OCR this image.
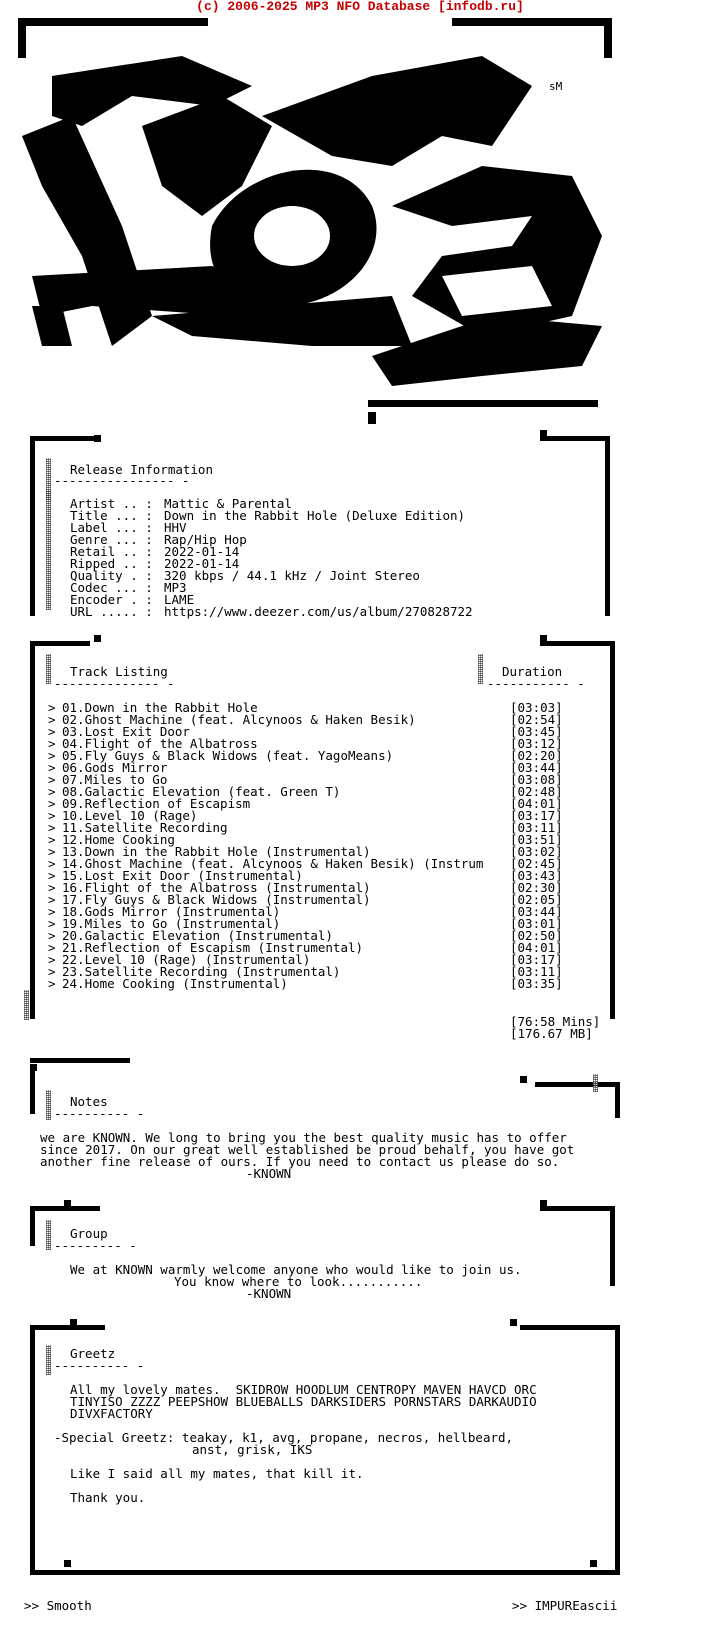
(c) 2006-2025 MP3 NFO Database [infodb.ru]
sM
Release Information
---------------- -
Artist .. : Mattic & Parental
Title ... : Down in the Rabbit Hole (Deluxe Edition)
Label ... : HHV
Genre ... : Rap/Hip Hop
Retail .. : 2022-01-14
Ripped .. : 2022-01-14
Quality . : 320 kbps / 44.1 kHz / Joint Stereo
Codec ... : MP3
Encoder . : LAME
URL ..... : https://www.deezer.com/us/album/270828722
Track Listing
-------------- -
Duration
----------- -
> 01.Down in the Rabbit Hole	[03:03]
> 02.Ghost Machine (feat. Alcynoos & Haken Besik)	[02:54]
> 03.Lost Exit Door	[03:45]
> 04.Flight of the Albatross	[03:12]
> 05.Fly Guys & Black Widows (feat. YagoMeans)	[02:20]
> 06.Gods Mirror	[03:44]
> 07.Miles to Go	[03:08]
> 08.Galactic Elevation (feat. Green T)	[02:48]
> 09.Reflection of Escapism	[04:01]
> 10.Level 10 (Rage)	[03:17]
> 11.Satellite Recording	[03:11]
> 12.Home Cooking	[03:51]
> 13.Down in the Rabbit Hole (Instrumental)	[03:02]
> 14.Ghost Machine (feat. Alcynoos & Haken Besik) (Instrum [02:45]
> 15.Lost Exit Door (Instrumental)	[03:43]
> 16.Flight of the Albatross (Instrumental)	[02:30]
> 17.Fly Guys & Black Widows (Instrumental)	[02:05]
> 18.Gods Mirror (Instrumental)	[03:44]
> 19.Miles to Go (Instrumental)	[03:01]
> 20.Galactic Elevation (Instrumental)	[02:50]
> 21.Reflection of Escapism (Instrumental)	[04:01]
> 22.Level 10 (Rage) (Instrumental)	[03:17]
> 23.Satellite Recording (Instrumental)	[03:11]
> 24.Home Cooking (Instrumental)	[03:35]
[76:58 Mins]
[176.67 MB]
Notes
---------- -
we are KNOWN. We long to bring you the best quality music has to offer
since 2017. On our great well established be proud behalf, you have got
another fine release of ours. If you need to contact us please do so.
-KNOWN
Group
--------- -
We at KNOWN warmly welcome anyone who would like to join us.
You know where to look...........
-KNOWN
Greetz
---------- -
All my lovely mates.  SKIDROW HOODLUM CENTROPY MAVEN HAVCD ORC
TINYISO ZZZZ PEEPSHOW BLUEBALLS DARKSIDERS PORNSTARS DARKAUDIO
DIVXFACTORY
-Special Greetz: teakay, k1, avg, propane, necros, hellbeard,
anst, grisk, IKS
Like I said all my mates, that kill it.
Thank you.
>> Smooth	>> IMPUREascii
